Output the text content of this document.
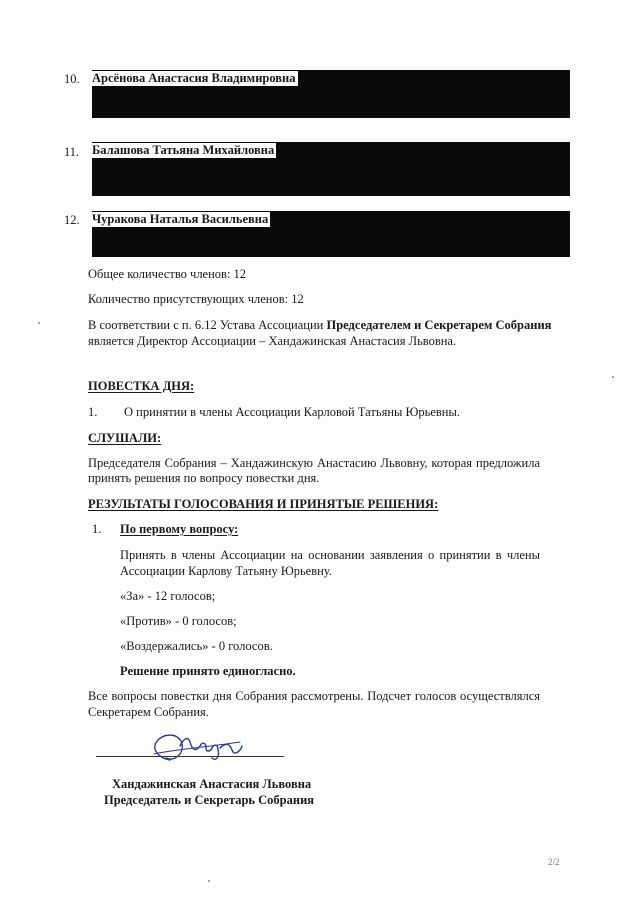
10. Арсёнова Анастасия Владимировна
11. Балашова Татьяна Михайловна
12. Чуракова Наталья Васильевна
Общее количество членов: 12
Количество присутствующих членов: 12
В соответствии с п. 6.12 Устава Ассоциации Председателем и Секретарем Собрания
является Директор Ассоциации – Хандажинская Анастасия Львовна.
ПОВЕСТКА ДНЯ:
1. О принятии в члены Ассоциации Карловой Татьяны Юрьевны.
СЛУШАЛИ:
Председателя Собрания – Хандажинскую Анастасию Львовну, которая предложила
принять решения по вопросу повестки дня.
РЕЗУЛЬТАТЫ ГОЛОСОВАНИЯ И ПРИНЯТЫЕ РЕШЕНИЯ:
1. По первому вопросу:
Принять в члены Ассоциации на основании заявления о принятии в члены
Ассоциации Карлову Татьяну Юрьевну.
«За» - 12 голосов;
«Против» - 0 голосов;
«Воздержались» - 0 голосов.
Решение принято единогласно.
Все вопросы повестки дня Собрания рассмотрены. Подсчет голосов осуществлялся
Секретарем Собрания.
Хандажинская Анастасия Львовна
Председатель и Секретарь Собрания
2/2
